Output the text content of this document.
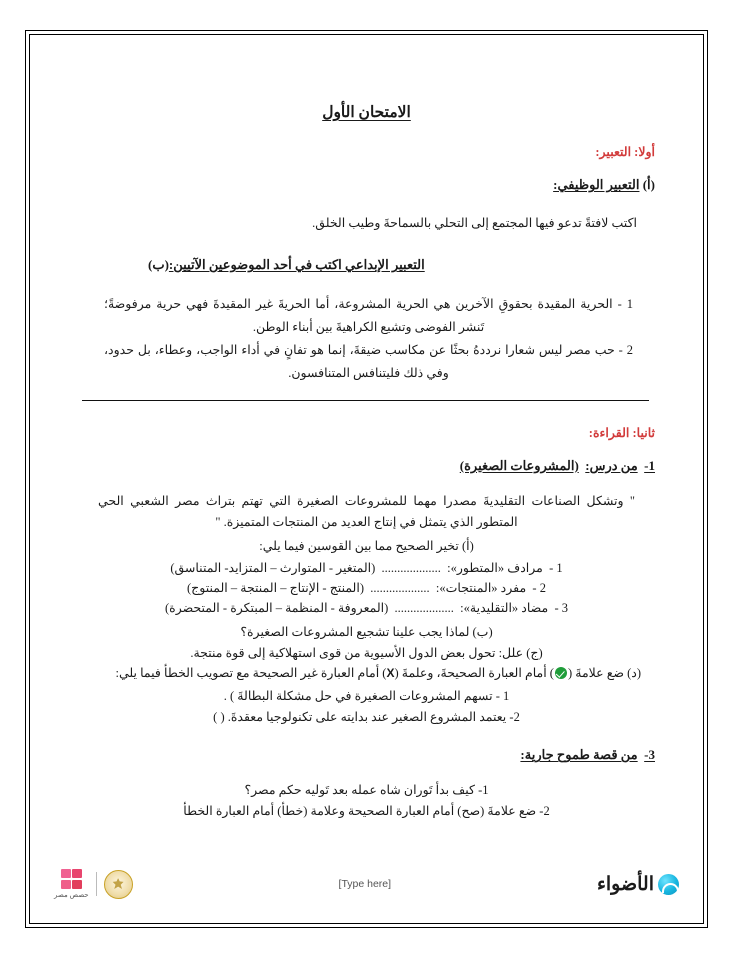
الامتحان الأول
أولا: التعبير:
(أ) التعبير الوظيفي:
اكتب لافتةً تدعو فيها المجتمع إلى التحلي بالسماحةَ وطيب الخلق.
(ب) التعبير الإبداعي اكتب في أحد الموضوعين الآتيين:

1 - الحرية المقيدة بحقوقِ الآخرين هي الحرية المشروعة، أما الحريةَ غير المقيدةَ فهي حرية مرفوضةً؛ تَنشر الفوضى وتشيع الكراهيةَ بين أبناء الوطن.

2 - حب مصر ليس شعارا نرددهُ بحثًا عن مكاسب ضيقةَ، إنما هو تفانٍ في أداء الواجب، وعطاء، بل حدود، وفي ذلك فليتنافس المتنافسون.

ثانيا: القراءة:
1-  من درس:  (المشروعات الصغيرة)

" وتشكل الصناعات التقليديةَ مصدرا مهما للمشروعات الصغيرة التي تهتم بتراث مصر الشعبي الحي المتطور الذي يتمثل في إنتاج العديد من المنتجات المتميزة. "

(أ) تخير الصحيح مما بين القوسين فيما يلي:
1 -  مرادف «المتطور»:  ...................  (المتغير - المتوارث – المتزايد- المتناسق)
2 -  مفرد «المنتجات»:  ...................  (المنتج - الإنتاج – المنتجة – المنتوج)
3 -  مضاد «التقليدية»:  ...................  (المعروفة - المنظمة – المبتكرة - المتحضرة)
(ب) لماذا يجب علينا تشجيع المشروعات الصغيرة؟
(ج) علل: تحول بعض الدول الأسيوية من قوى استهلاكية إلى قوة منتجة.
(د) ضع علامةَ () أمام العبارة الصحيحةَ، وعلمةَ (X) أمام العبارة غير الصحيحة مع تصويب الخطأ فيما يلي:
1 - تسهم المشروعات الصغيرة في حل مشكلة البطالةَ ) .
2- يعتمد المشروع الصغير عند بدايته على تكنولوجيا معقدةَ. ( )
3-  من قصة طموح جارية:
1- كيف بدأ تَوران شاه عمله بعد تَوليه حكم مصر؟
2- ضع علامةَ (صح) أمام العبارة الصحيحة وعلامة (خطأ) أمام العبارة الخطأ
الأضواء
[Type here]
حصص مصر
